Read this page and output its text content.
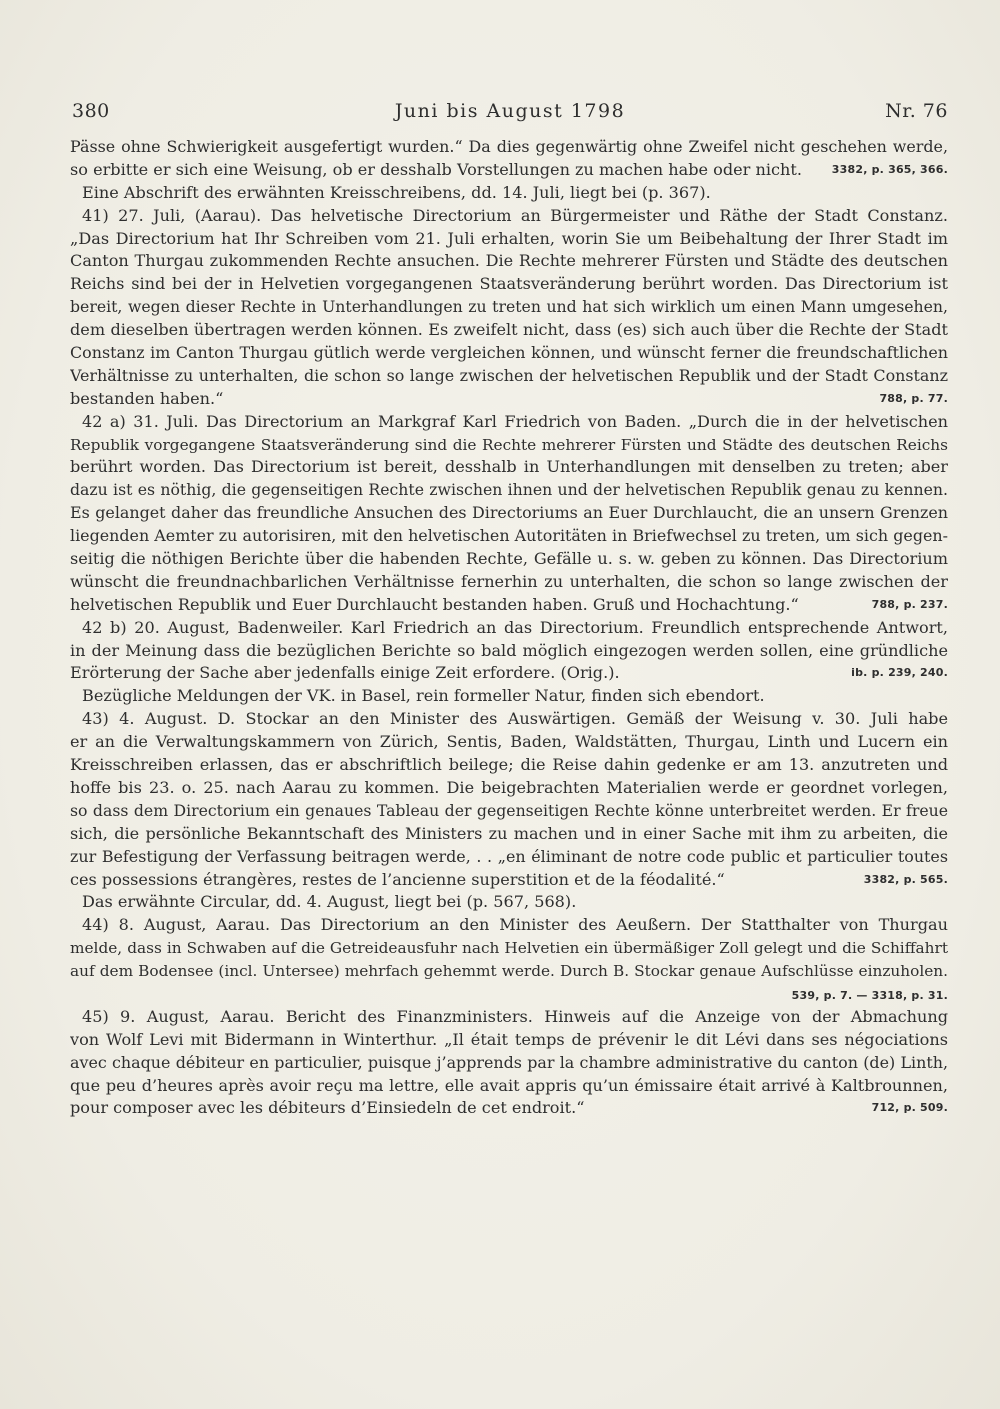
380	Juni bis August 1798	Nr. 76
Pässe ohne Schwierigkeit ausgefertigt wurden.“ Da dies gegenwärtig ohne Zweifel nicht geschehen werde,
3382, p. 365, 366.
so erbitte er sich eine Weisung, ob er desshalb Vorstellungen zu machen habe oder nicht.
Eine Abschrift des erwähnten Kreisschreibens, dd. 14. Juli, liegt bei (p. 367).
41) 27. Juli, (Aarau). Das helvetische Directorium an Bürgermeister und Räthe der Stadt Constanz.
„Das Directorium hat Ihr Schreiben vom 21. Juli erhalten, worin Sie um Beibehaltung der Ihrer Stadt im
Canton Thurgau zukommenden Rechte ansuchen. Die Rechte mehrerer Fürsten und Städte des deutschen
Reichs sind bei der in Helvetien vorgegangenen Staatsveränderung berührt worden. Das Directorium ist
bereit, wegen dieser Rechte in Unterhandlungen zu treten und hat sich wirklich um einen Mann umgesehen,
dem dieselben übertragen werden können. Es zweifelt nicht, dass (es) sich auch über die Rechte der Stadt
Constanz im Canton Thurgau gütlich werde vergleichen können, und wünscht ferner die freundschaftlichen
Verhältnisse zu unterhalten, die schon so lange zwischen der helvetischen Republik und der Stadt Constanz
788, p. 77.
bestanden haben.“
42 a) 31. Juli. Das Directorium an Markgraf Karl Friedrich von Baden. „Durch die in der helvetischen
Republik vorgegangene Staatsveränderung sind die Rechte mehrerer Fürsten und Städte des deutschen Reichs
berührt worden. Das Directorium ist bereit, desshalb in Unterhandlungen mit denselben zu treten; aber
dazu ist es nöthig, die gegenseitigen Rechte zwischen ihnen und der helvetischen Republik genau zu kennen.
Es gelanget daher das freundliche Ansuchen des Directoriums an Euer Durchlaucht, die an unsern Grenzen
liegenden Aemter zu autorisiren, mit den helvetischen Autoritäten in Briefwechsel zu treten, um sich gegen-
seitig die nöthigen Berichte über die habenden Rechte, Gefälle u. s. w. geben zu können. Das Directorium
wünscht die freundnachbarlichen Verhältnisse fernerhin zu unterhalten, die schon so lange zwischen der
788, p. 237.
helvetischen Republik und Euer Durchlaucht bestanden haben. Gruß und Hochachtung.“
42 b) 20. August, Badenweiler. Karl Friedrich an das Directorium. Freundlich entsprechende Antwort,
in der Meinung dass die bezüglichen Berichte so bald möglich eingezogen werden sollen, eine gründliche
ib. p. 239, 240.
Erörterung der Sache aber jedenfalls einige Zeit erfordere. (Orig.).
Bezügliche Meldungen der VK. in Basel, rein formeller Natur, finden sich ebendort.
43) 4. August. D. Stockar an den Minister des Auswärtigen. Gemäß der Weisung v. 30. Juli habe
er an die Verwaltungskammern von Zürich, Sentis, Baden, Waldstätten, Thurgau, Linth und Lucern ein
Kreisschreiben erlassen, das er abschriftlich beilege; die Reise dahin gedenke er am 13. anzutreten und
hoffe bis 23. o. 25. nach Aarau zu kommen. Die beigebrachten Materialien werde er geordnet vorlegen,
so dass dem Directorium ein genaues Tableau der gegenseitigen Rechte könne unterbreitet werden. Er freue
sich, die persönliche Bekanntschaft des Ministers zu machen und in einer Sache mit ihm zu arbeiten, die
zur Befestigung der Verfassung beitragen werde, . . „en éliminant de notre code public et particulier toutes
3382, p. 565.
ces possessions étrangères, restes de l’ancienne superstition et de la féodalité.“
Das erwähnte Circular, dd. 4. August, liegt bei (p. 567, 568).
44) 8. August, Aarau. Das Directorium an den Minister des Aeußern. Der Statthalter von Thurgau
melde, dass in Schwaben auf die Getreideausfuhr nach Helvetien ein übermäßiger Zoll gelegt und die Schiffahrt
auf dem Bodensee (incl. Untersee) mehrfach gehemmt werde. Durch B. Stockar genaue Aufschlüsse einzuholen.
539, p. 7. — 3318, p. 31.
45) 9. August, Aarau. Bericht des Finanzministers. Hinweis auf die Anzeige von der Abmachung
von Wolf Levi mit Bidermann in Winterthur. „Il était temps de prévenir le dit Lévi dans ses négociations
avec chaque débiteur en particulier, puisque j’apprends par la chambre administrative du canton (de) Linth,
que peu d’heures après avoir reçu ma lettre, elle avait appris qu’un émissaire était arrivé à Kaltbrounnen,
712, p. 509.
pour composer avec les débiteurs d’Einsiedeln de cet endroit.“
